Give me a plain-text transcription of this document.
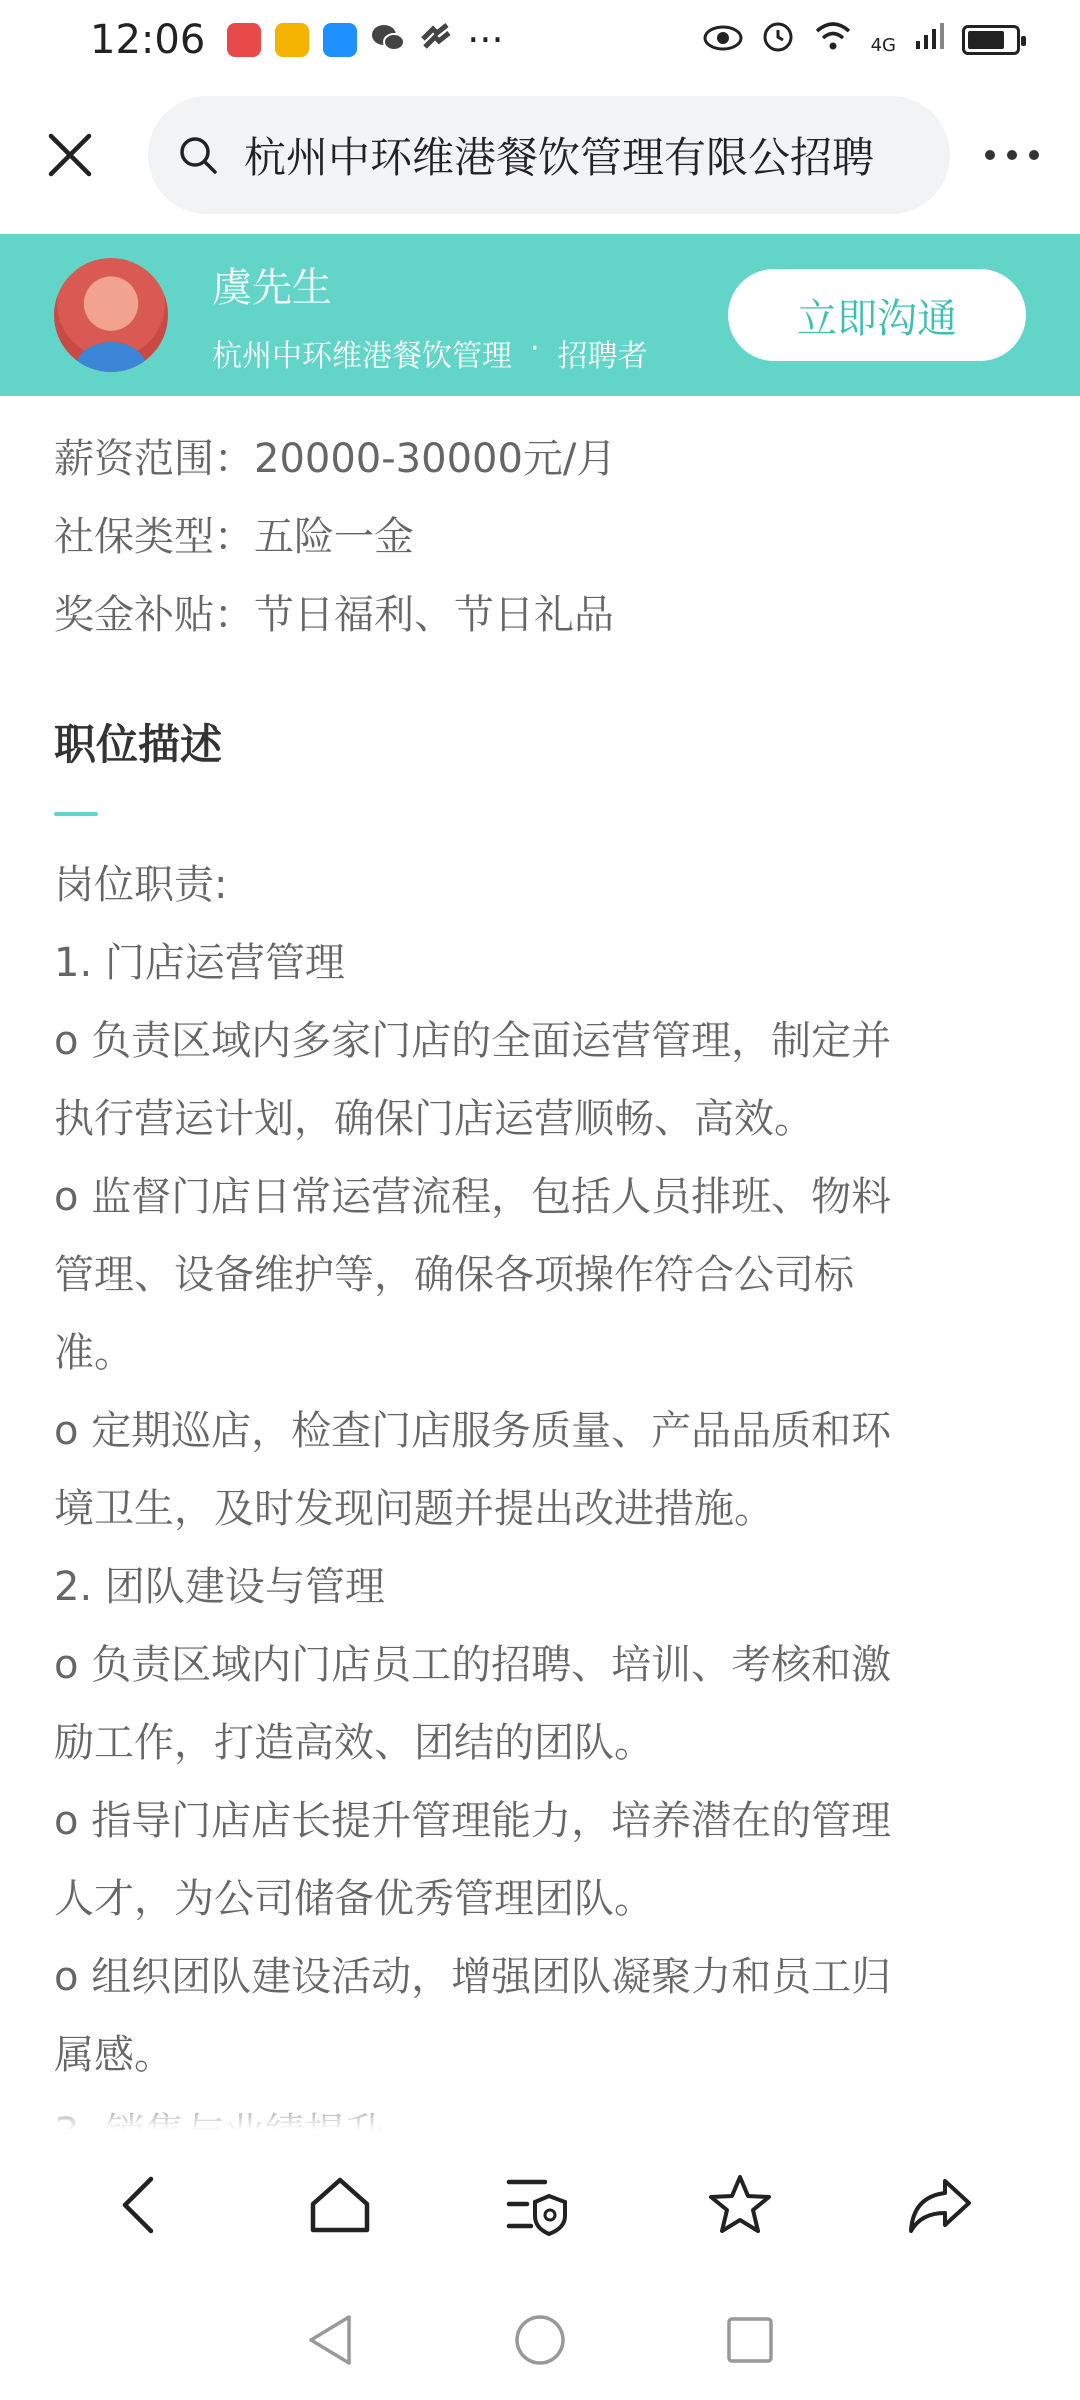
12:06	···	4G
杭州中环维港餐饮管理有限公招聘
虞先生
杭州中环维港餐饮管理 · 招聘者
立即沟通
薪资范围：20000-30000元/月
社保类型：五险一金
奖金补贴：节日福利、节日礼品
职位描述
岗位职责:
1. 门店运营管理
o 负责区域内多家门店的全面运营管理，制定并
执行营运计划，确保门店运营顺畅、高效。
o 监督门店日常运营流程，包括人员排班、物料
管理、设备维护等，确保各项操作符合公司标
准。
o 定期巡店，检查门店服务质量、产品品质和环
境卫生，及时发现问题并提出改进措施。
2. 团队建设与管理
o 负责区域内门店员工的招聘、培训、考核和激
励工作，打造高效、团结的团队。
o 指导门店店长提升管理能力，培养潜在的管理
人才，为公司储备优秀管理团队。
o 组织团队建设活动，增强团队凝聚力和员工归
属感。
